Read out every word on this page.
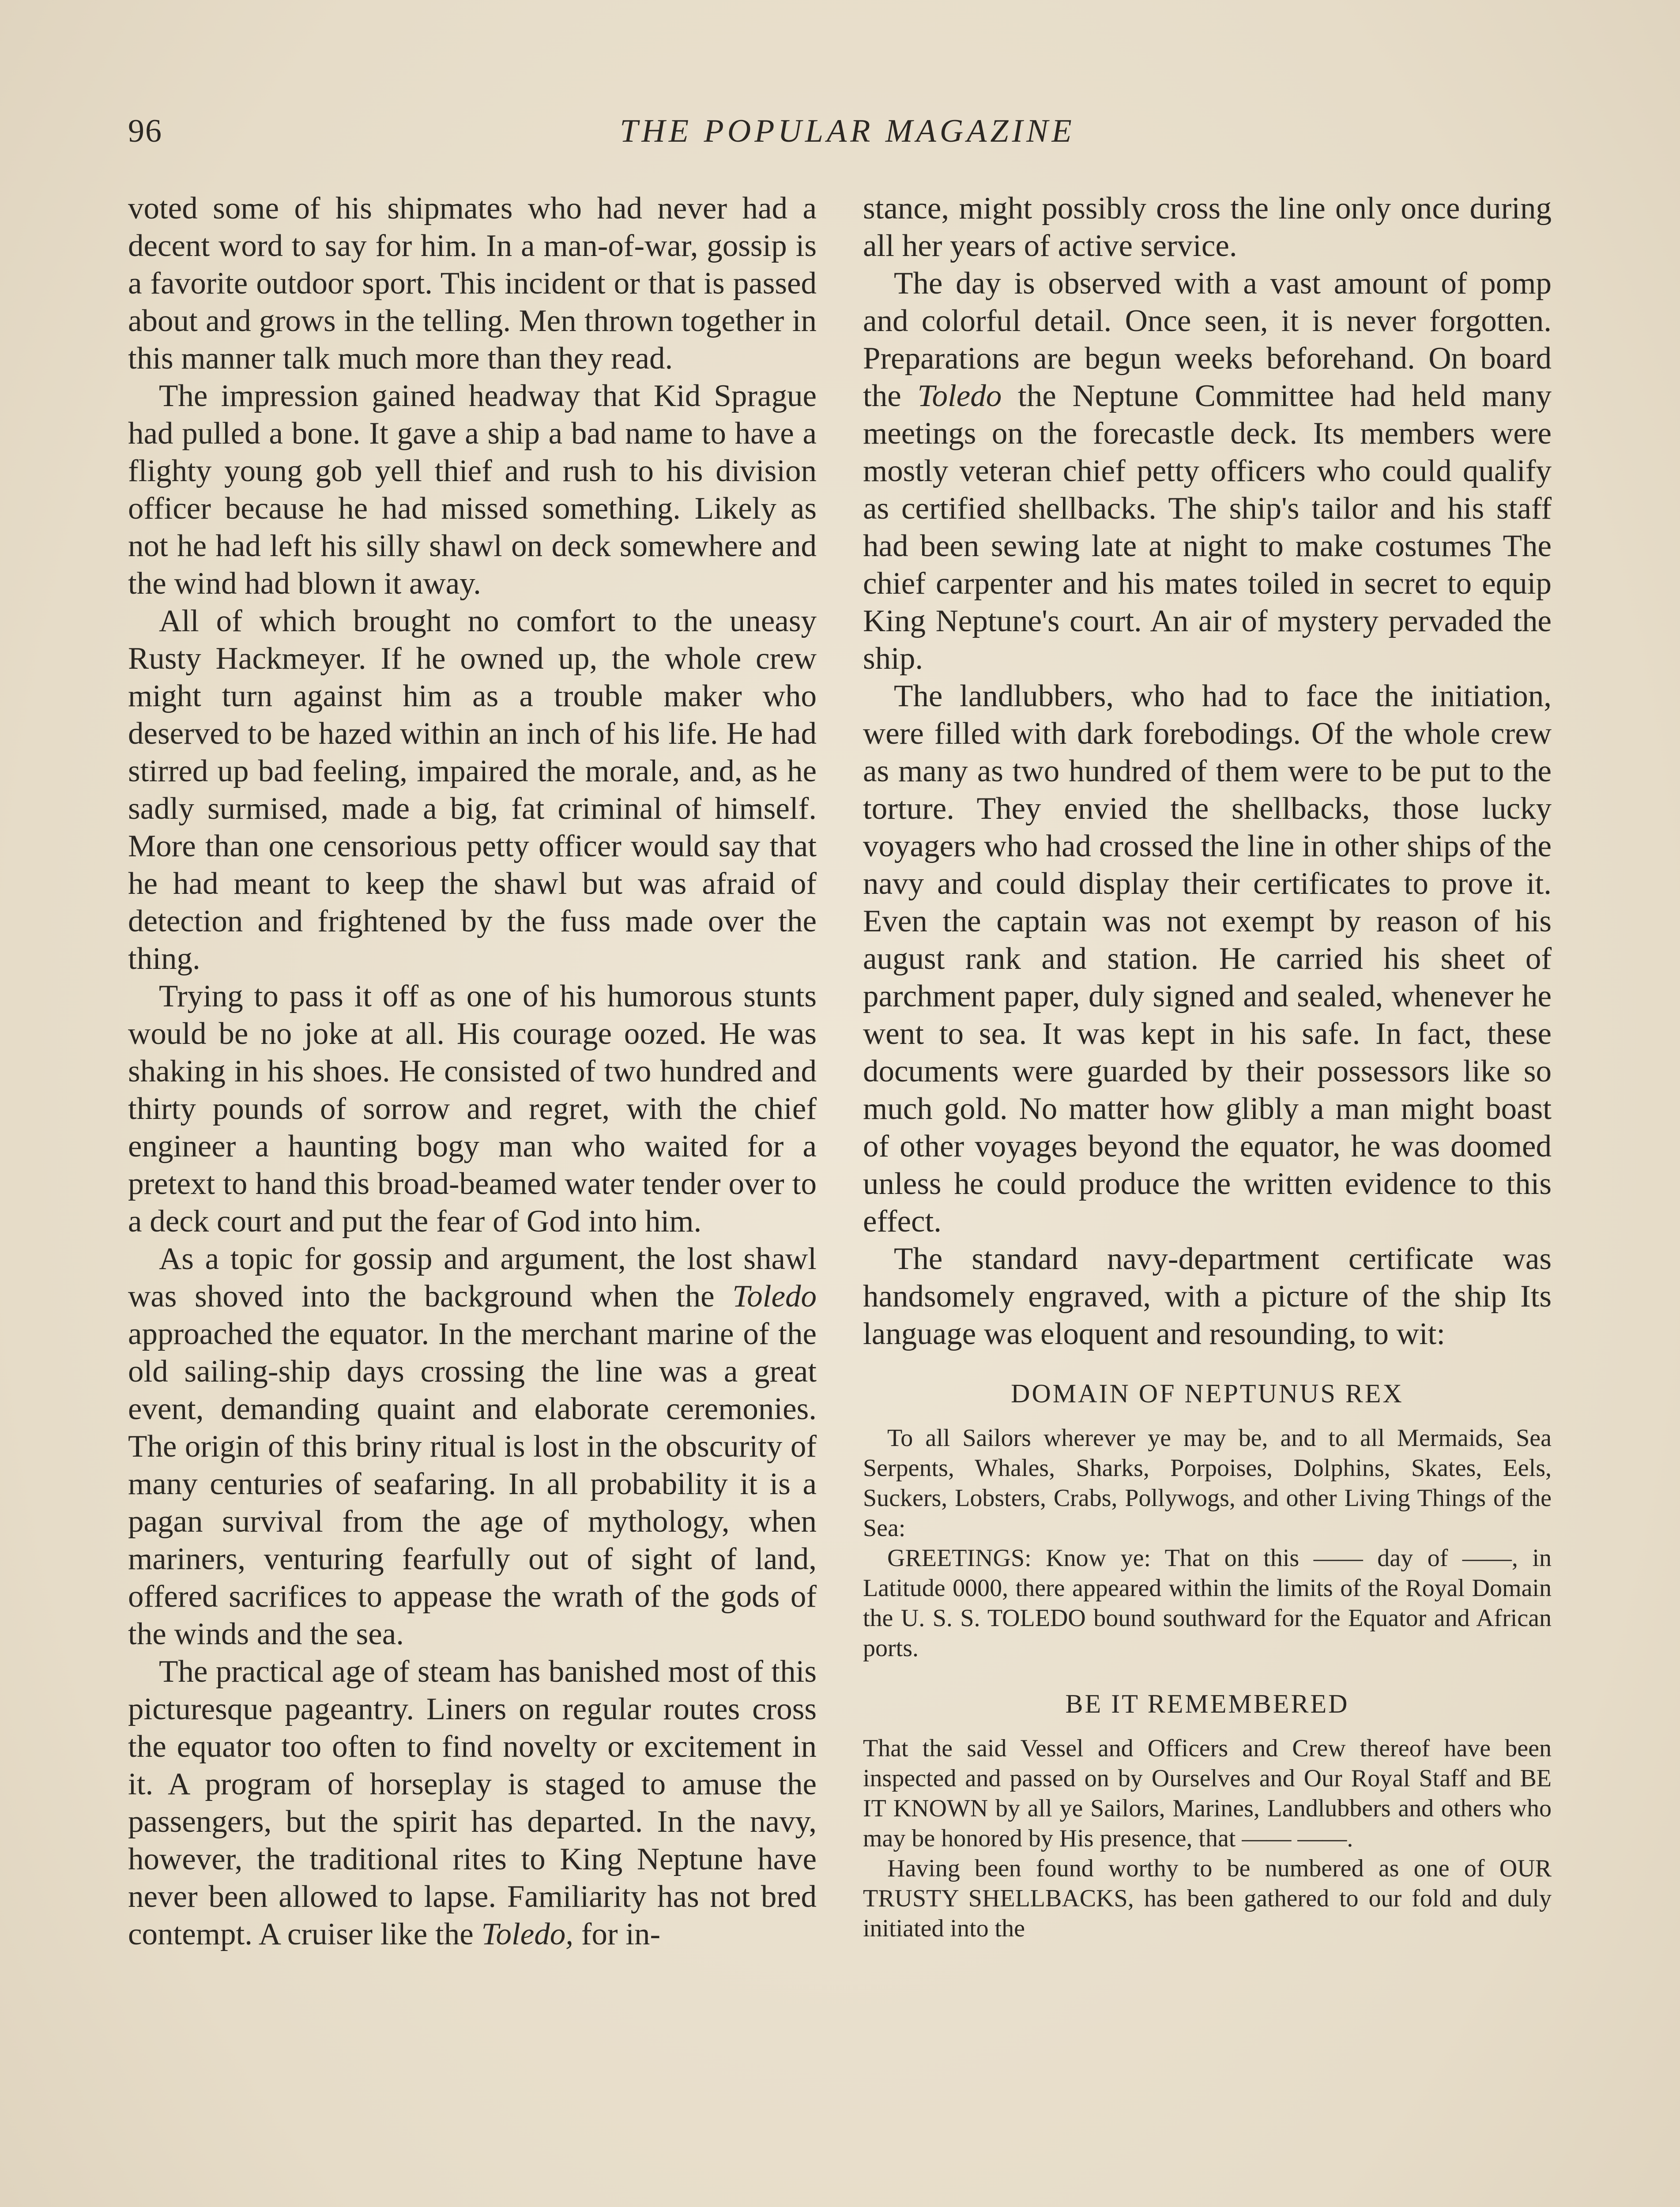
96	THE POPULAR MAGAZINE

voted some of his shipmates who had never had a decent word to say for him. In a man-of-war, gossip is a favorite outdoor sport. This incident or that is passed about and grows in the telling. Men thrown together in this manner talk much more than they read.

The impression gained headway that Kid Sprague had pulled a bone. It gave a ship a bad name to have a flighty young gob yell thief and rush to his division officer because he had missed something. Likely as not he had left his silly shawl on deck somewhere and the wind had blown it away.

All of which brought no comfort to the uneasy Rusty Hackmeyer. If he owned up, the whole crew might turn against him as a trouble maker who deserved to be hazed within an inch of his life. He had stirred up bad feeling, impaired the morale, and, as he sadly surmised, made a big, fat criminal of himself. More than one censorious petty officer would say that he had meant to keep the shawl but was afraid of detection and frightened by the fuss made over the thing.

Trying to pass it off as one of his humorous stunts would be no joke at all. His courage oozed. He was shaking in his shoes. He consisted of two hundred and thirty pounds of sorrow and regret, with the chief engineer a haunting bogy man who waited for a pretext to hand this broad-beamed water tender over to a deck court and put the fear of God into him.

As a topic for gossip and argument, the lost shawl was shoved into the background when the Toledo approached the equator. In the merchant marine of the old sailing-ship days crossing the line was a great event, demanding quaint and elaborate ceremonies. The origin of this briny ritual is lost in the obscurity of many centuries of seafaring. In all probability it is a pagan survival from the age of mythology, when mariners, venturing fearfully out of sight of land, offered sacrifices to appease the wrath of the gods of the winds and the sea.

The practical age of steam has banished most of this picturesque pageantry. Liners on regular routes cross the equator too often to find novelty or excitement in it. A program of horseplay is staged to amuse the passengers, but the spirit has departed. In the navy, however, the traditional rites to King Neptune have never been allowed to lapse. Familiarity has not bred contempt. A cruiser like the Toledo, for in-

stance, might possibly cross the line only once during all her years of active service.

The day is observed with a vast amount of pomp and colorful detail. Once seen, it is never forgotten. Preparations are begun weeks beforehand. On board the Toledo the Neptune Committee had held many meetings on the forecastle deck. Its members were mostly veteran chief petty officers who could qualify as certified shellbacks. The ship's tailor and his staff had been sewing late at night to make costumes The chief carpenter and his mates toiled in secret to equip King Neptune's court. An air of mystery pervaded the ship.

The landlubbers, who had to face the initiation, were filled with dark forebodings. Of the whole crew as many as two hundred of them were to be put to the torture. They envied the shellbacks, those lucky voyagers who had crossed the line in other ships of the navy and could display their certificates to prove it. Even the captain was not exempt by reason of his august rank and station. He carried his sheet of parchment paper, duly signed and sealed, whenever he went to sea. It was kept in his safe. In fact, these documents were guarded by their possessors like so much gold. No matter how glibly a man might boast of other voyages beyond the equator, he was doomed unless he could produce the written evidence to this effect.

The standard navy-department certificate was handsomely engraved, with a picture of the ship Its language was eloquent and resounding, to wit:

DOMAIN OF NEPTUNUS REX

To all Sailors wherever ye may be, and to all Mermaids, Sea Serpents, Whales, Sharks, Porpoises, Dolphins, Skates, Eels, Suckers, Lobsters, Crabs, Pollywogs, and other Living Things of the Sea:

GREETINGS: Know ye: That on this —— day of ——, in Latitude 0000, there appeared within the limits of the Royal Domain the U. S. S. TOLEDO bound southward for the Equator and African ports.

BE IT REMEMBERED

That the said Vessel and Officers and Crew thereof have been inspected and passed on by Ourselves and Our Royal Staff and BE IT KNOWN by all ye Sailors, Marines, Landlubbers and others who may be honored by His presence, that —— ——.

Having been found worthy to be numbered as one of OUR TRUSTY SHELLBACKS, has been gathered to our fold and duly initiated into the
